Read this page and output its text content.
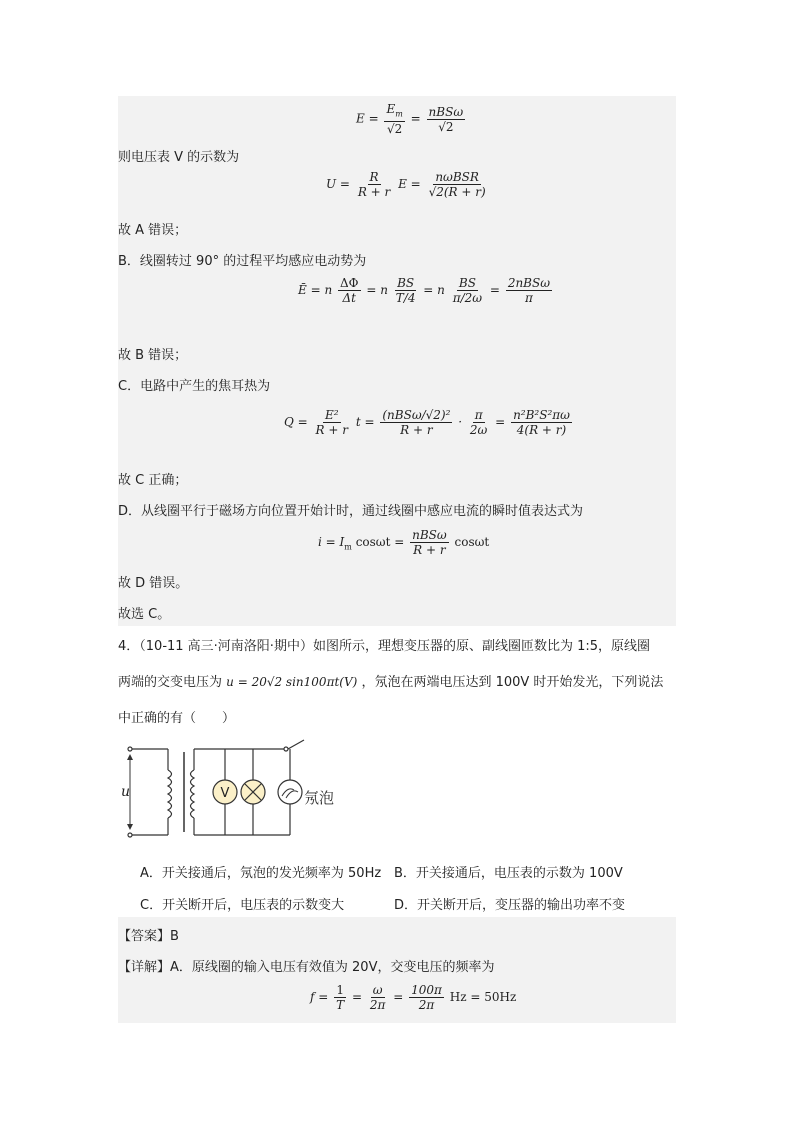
$E = \frac{E_m}{√2} = \frac{\text{nBSω}}{√2}$
则电压表 V 的示数为
$U = \frac{R}{R + r}$ $E = \frac{\text{nωBSR}}{√2(R + r)}$
故 A 错误；
B．线圈转过 90° 的过程平均感应电动势为
Ē = n $\frac{\Delta\Phi}{\Delta t} = n \frac{BS}{T/4} = n \frac{BS}{\pi/2\omega} = \frac{\text{2nBSω}}{\pi}$
故 B 错误；
C．电路中产生的焦耳热为
$Q = \frac{\text{E²}}{R + r}$ $t = \frac{\text{(nBSω/√2)²}}{R + r} \cdot \frac{\pi}{2\omega} = \frac{\text{n²B²S²πω}}{4(R + r)}$
故 C 正确；
D．从线圈平行于磁场方向位置开始计时，通过线圈中感应电流的瞬时值表达式为
$i = I_m$ $\cos\omega t = \frac{\text{nBSω}}{R + r}$ cosωt
故 D 错误。
故选 C。
4．（10-11 高三·河南洛阳·期中）如图所示，理想变压器的原、副线圈匝数比为 1:5，原线圈
两端的交变电压为 u = 20√2 sin100πt(V) ，氖泡在两端电压达到 100V 时开始发光，下列说法
中正确的有（　　）
V	氖泡
u
A．开关接通后，氖泡的发光频率为 50Hz B．开关接通后，电压表的示数为 100V
C．开关断开后，电压表的示数变大	D．开关断开后，变压器的输出功率不变
【答案】B
【详解】A．原线圈的输入电压有效值为 20V，交变电压的频率为
$f = \frac{1}{T} = \frac{\omega}{2\pi} = \frac{100\pi}{2\pi}$ Hz = 50Hz
